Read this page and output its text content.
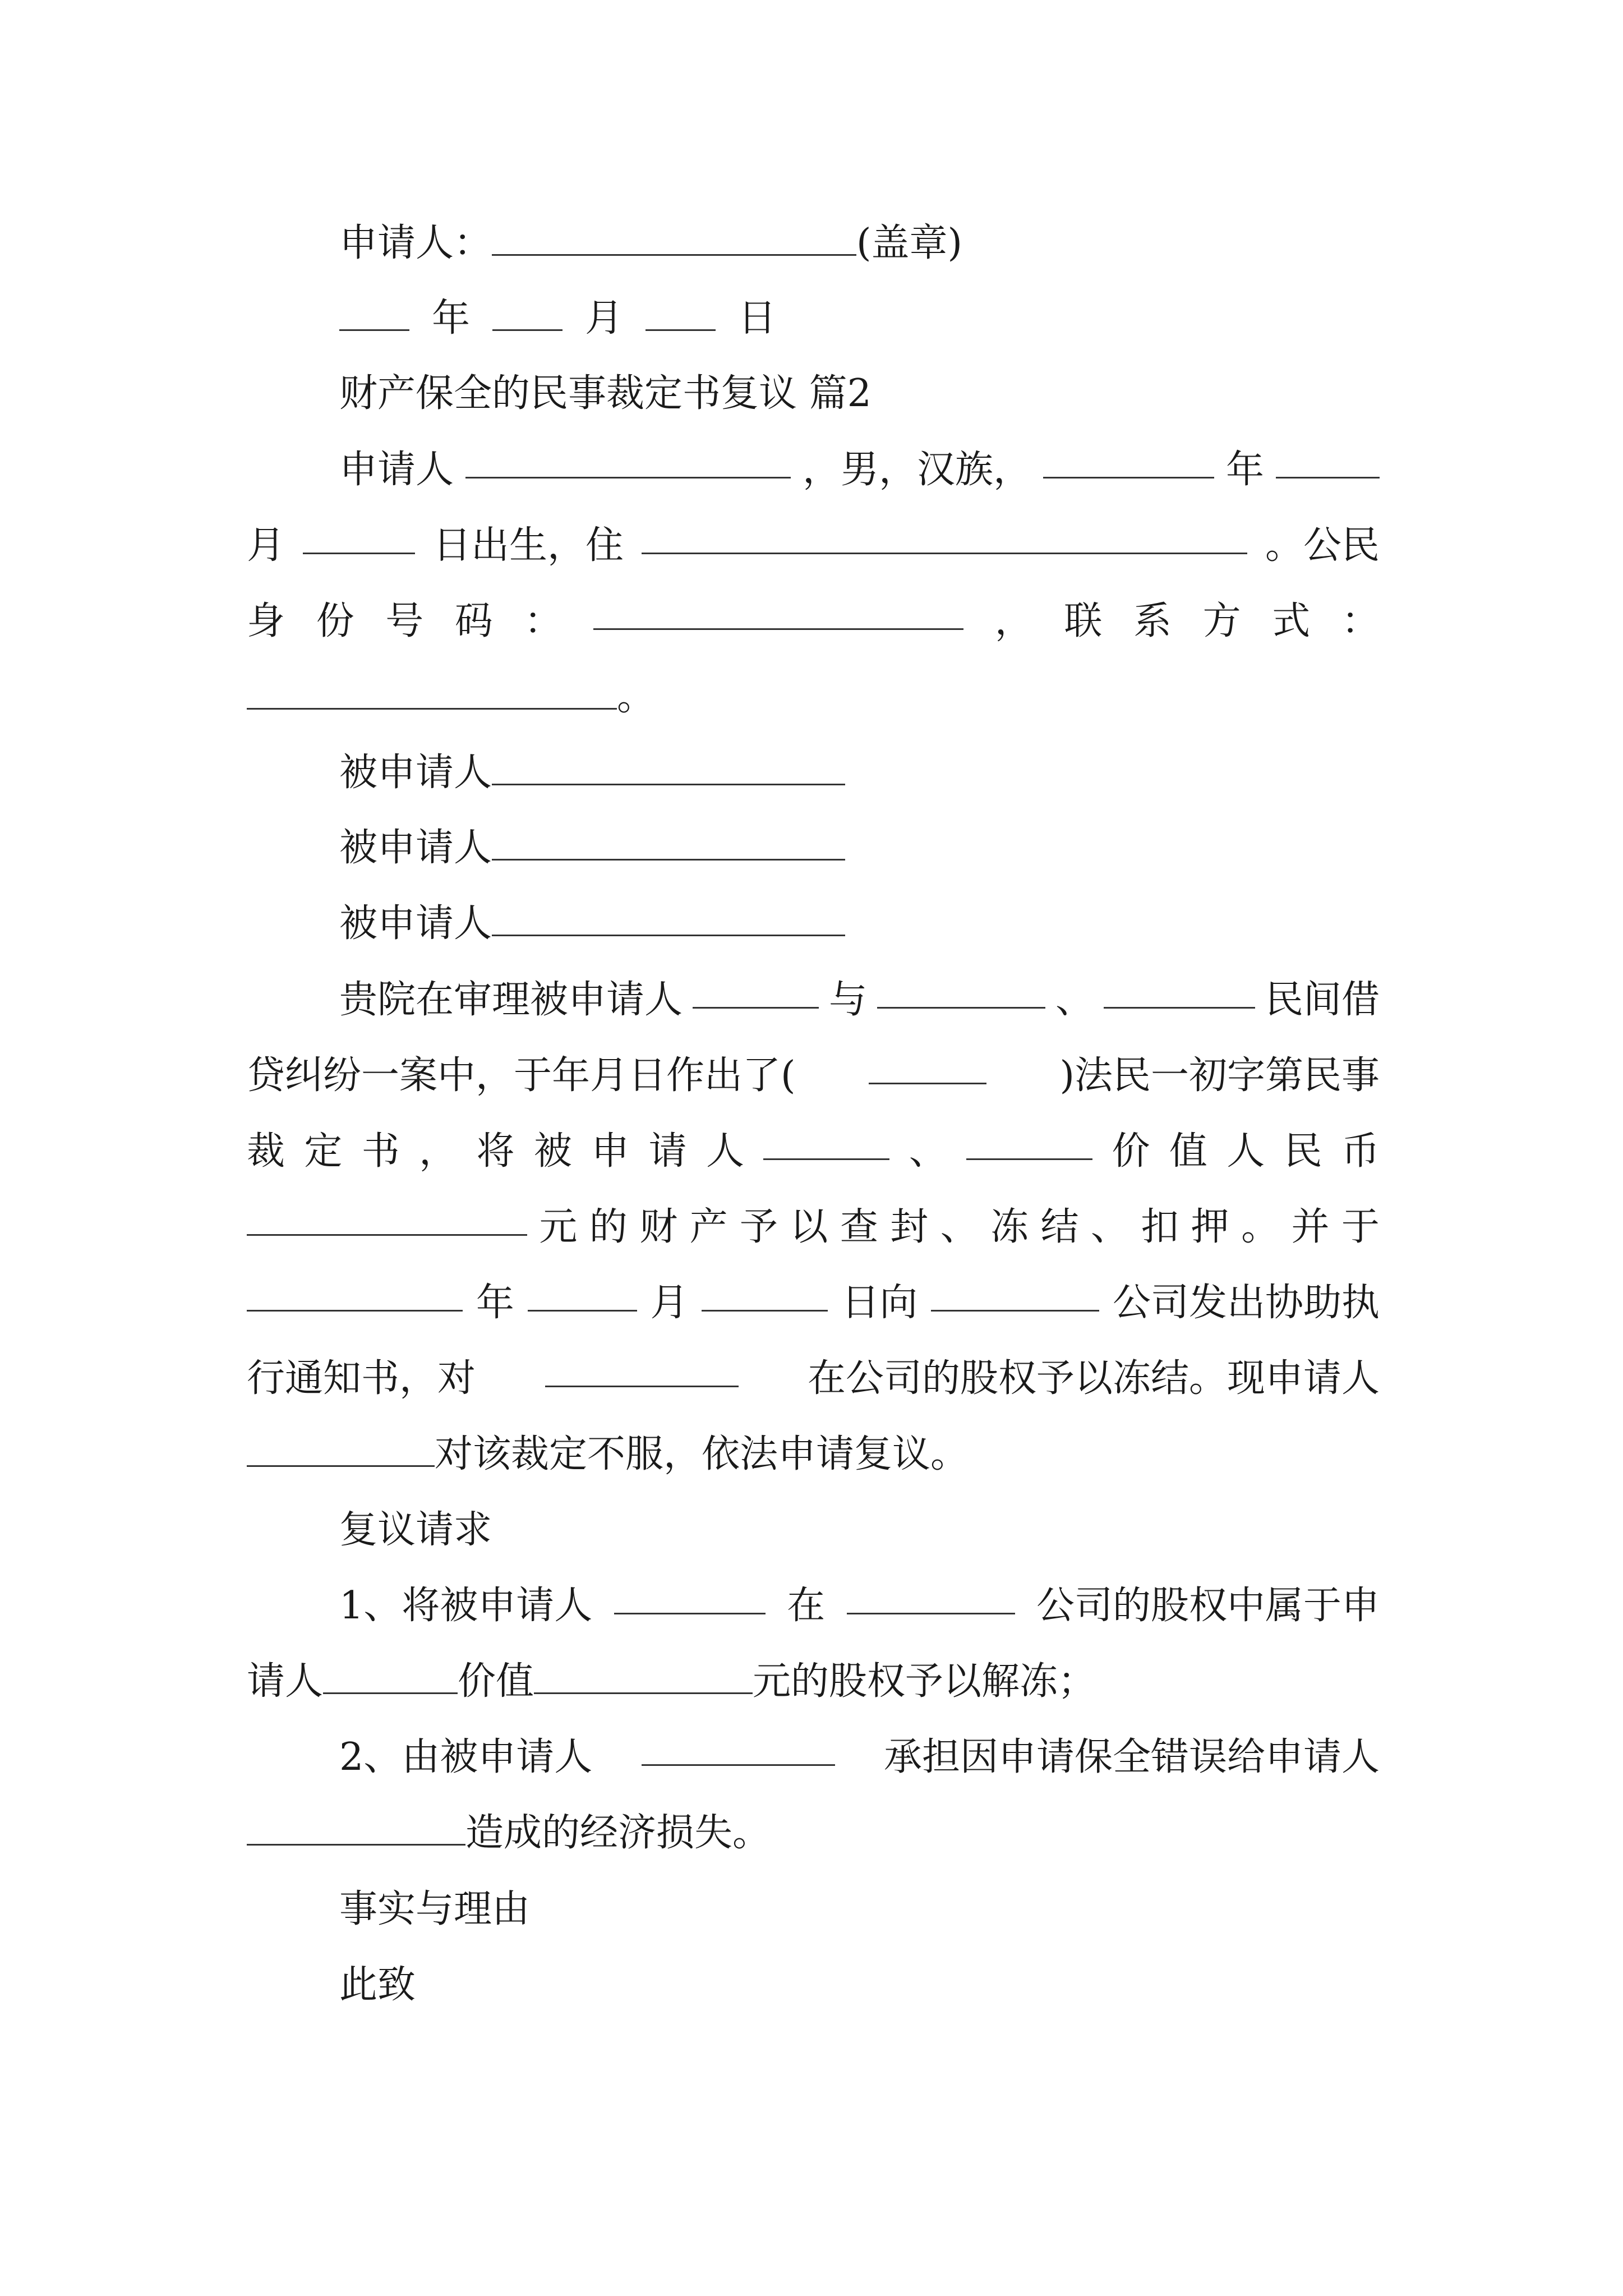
申请人：	(盖章)
年	月	日
财产保全的民事裁定书复议 篇2
申请人	，男，汉族，	年
月	日出生，住	。公民
身 份 号 码 ：	， 联 系 方 式 ：
。
被申请人
被申请人
被申请人
贵院在审理被申请人	与	、	民间借
贷纠纷一案中，于年月日作出了(	)法民一初字第民事
裁 定 书 ， 将 被 申 请 人	、	价 值 人 民 币
元 的 财 产 予 以 查 封 、 冻 结 、 扣 押 。 并 于
年	月	日向	公司发出协助执
行通知书，对	在公司的股权予以冻结。现申请人
对该裁定不服，依法申请复议。
复议请求
1、将被申请人	在	公司的股权中属于申
请人	价值	元的股权予以解冻；
2、由被申请人	承担因申请保全错误给申请人
造成的经济损失。
事实与理由
此致
